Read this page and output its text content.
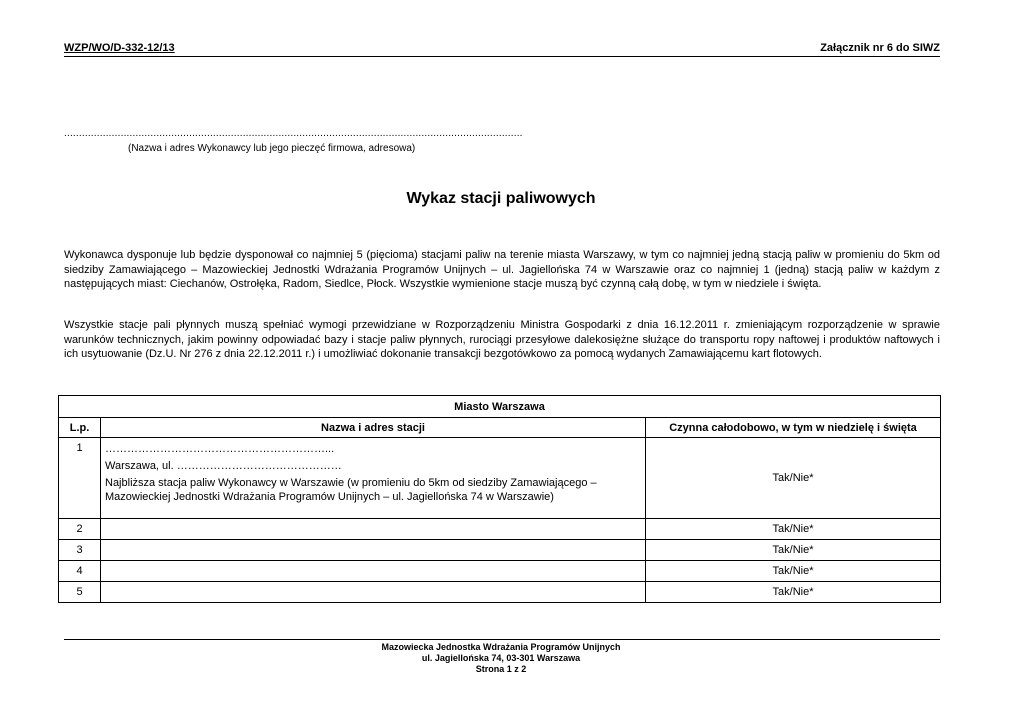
WZP/WO/D-332-12/13	Załącznik nr 6 do SIWZ
..........................................................................................................................................................
(Nazwa i adres Wykonawcy lub jego pieczęć firmowa, adresowa)
Wykaz stacji paliwowych
Wykonawca dysponuje lub będzie dysponował co najmniej 5 (pięcioma) stacjami paliw na terenie miasta Warszawy, w tym co najmniej jedną stacją paliw w promieniu do 5km od siedziby Zamawiającego – Mazowieckiej Jednostki Wdrażania Programów Unijnych – ul. Jagiellońska 74 w Warszawie oraz co najmniej 1 (jedną) stacją paliw w każdym z następujących miast: Ciechanów, Ostrołęka, Radom, Siedlce, Płock. Wszystkie wymienione stacje muszą być czynną całą dobę, w tym w niedziele i święta.
Wszystkie stacje pali płynnych muszą spełniać wymogi przewidziane w Rozporządzeniu Ministra Gospodarki z dnia 16.12.2011 r. zmieniającym rozporządzenie w sprawie warunków technicznych, jakim powinny odpowiadać bazy i stacje paliw płynnych, rurociągi przesyłowe dalekosiężne służące do transportu ropy naftowej i produktów naftowych i ich usytuowanie (Dz.U. Nr 276 z dnia 22.12.2011 r.) i umożliwiać dokonanie transakcji bezgotówkowo za pomocą wydanych Zamawiającemu kart flotowych.
Miasto Warszawa		
L.p.	Nazwa i adres stacji	Czynna całodobowo, w tym w niedzielę i święta
1	……………………………………………………...
Warszawa, ul. ………………………………………
Najbliższa stacja paliw Wykonawcy w Warszawie (w promieniu do 5km od siedziby Zamawiającego – Mazowieckiej Jednostki Wdrażania Programów Unijnych – ul. Jagiellońska 74 w Warszawie)	Tak/Nie*
2		Tak/Nie*
3		Tak/Nie*
4		Tak/Nie*
5		Tak/Nie*
Mazowiecka Jednostka Wdrażania Programów Unijnych
ul. Jagiellońska 74, 03-301 Warszawa
Strona 1 z 2
